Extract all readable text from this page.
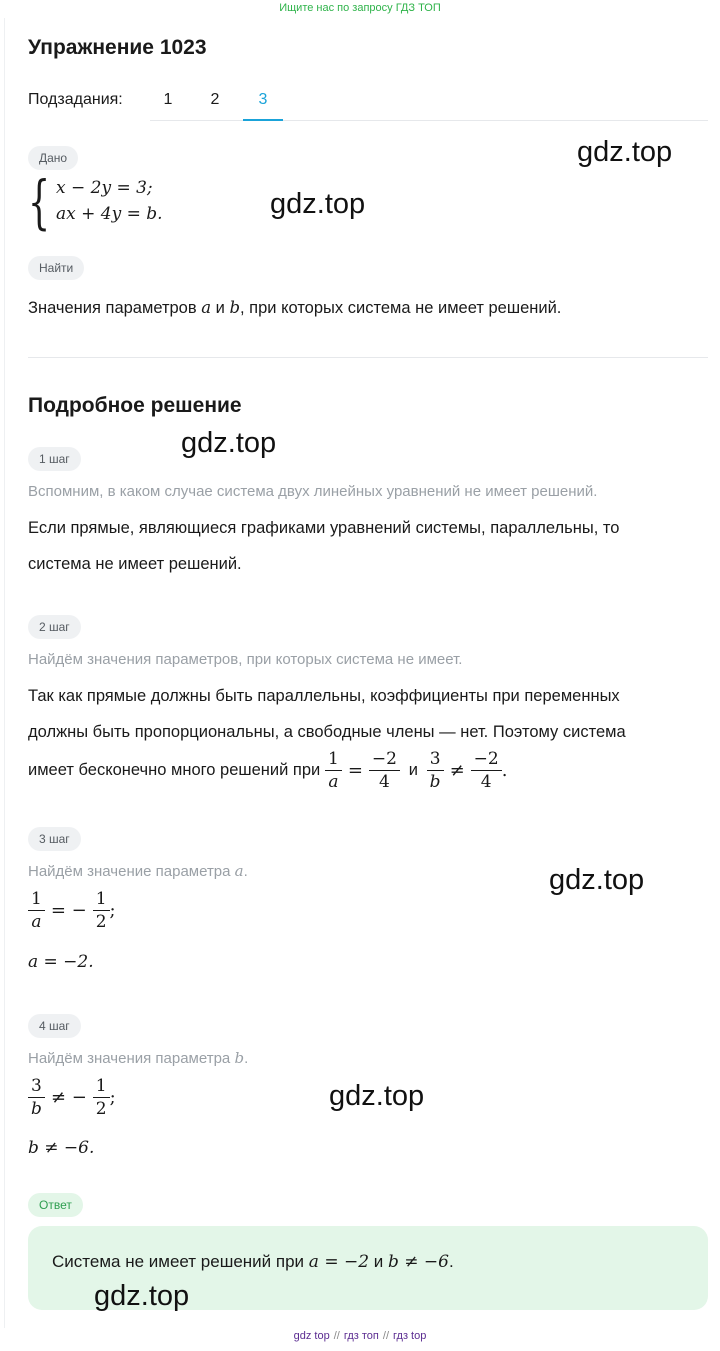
Ищите нас по запросу ГДЗ ТОП
Упражнение 1023
Подзадания:	1	2	3
Дано
{ x − 2y = 3;
ax + 4y = b.
Найти
Значения параметров a и b, при которых система не имеет решений.
Подробное решение
1 шаг
Вспомним, в каком случае система двух линейных уравнений не имеет решений.
Если прямые, являющиеся графиками уравнений системы, параллельны, то
система не имеет решений.
2 шаг
Найдём значения параметров, при которых система не имеет.
Так как прямые должны быть параллельны, коэффициенты при переменных
должны быть пропорциональны, а свободные члены — нет. Поэтому система
имеет бесконечно много решений при $\frac{1}{a} = \frac{-2}{4}$ и $\frac{3}{b} \ne \frac{-2}{4}$ .
3 шаг
Найдём значение параметра a.
$\frac{1}{a}$ = − $\frac{1}{2}$ ;
a = −2.
4 шаг
Найдём значения параметра b.
$\frac{3}{b}$ ≠ − $\frac{1}{2}$ ;
b ≠ −6.
Ответ
Система не имеет решений при a = −2 и b ≠ −6.
gdz.top
gdz.top
gdz.top
gdz.top
gdz.top
gdz.top
gdz top // гдз топ // гдз top
